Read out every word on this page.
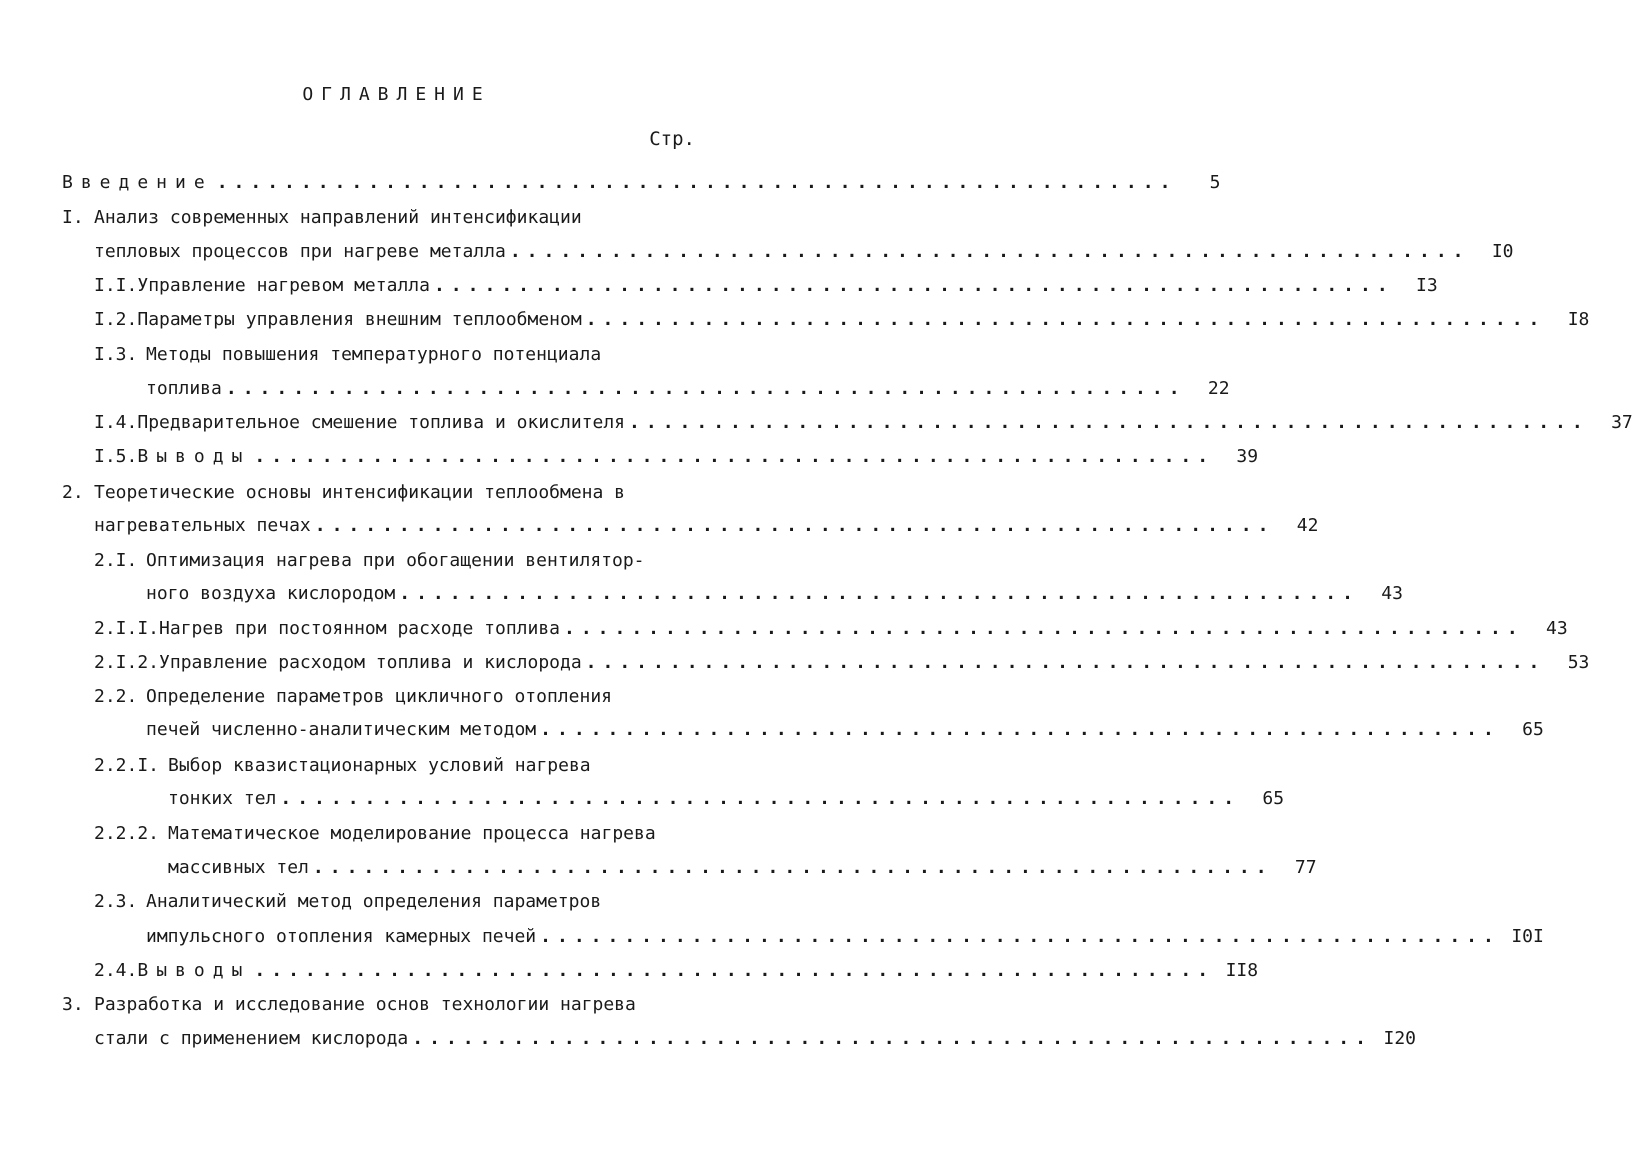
ОГЛАВЛЕНИЕ
Стр.
Введение .........................................................	5
I. Анализ современных направлений интенсификации
тепловых процессов при нагреве металла .........................................................	I0
I.I. Управление нагревом металла .........................................................	I3
I.2. Параметры управления внешним теплообменом .........................................................	I8
I.3. Методы повышения температурного потенциала
топлива .........................................................	22
I.4. Предварительное смешение топлива и окислителя .........................................................	37
I.5. Выводы .........................................................	39
2. Теоретические основы интенсификации теплообмена в
нагревательных печах .........................................................	42
2.I. Оптимизация нагрева при обогащении вентилятор-
ного воздуха кислородом .........................................................	43
2.I.I. Нагрев при постоянном расходе топлива .........................................................	43
2.I.2. Управление расходом топлива и кислорода .........................................................	53
2.2. Определение параметров цикличного отопления
печей численно-аналитическим методом .........................................................	65
2.2.I. Выбор квазистационарных условий нагрева
тонких тел .........................................................	65
2.2.2. Математическое моделирование процесса нагрева
массивных тел .........................................................	77
2.3. Аналитический метод определения параметров
импульсного отопления камерных печей ......................................................... I0I
2.4. Выводы ......................................................... II8
3. Разработка и исследование основ технологии нагрева
стали с применением кислорода ......................................................... I20
